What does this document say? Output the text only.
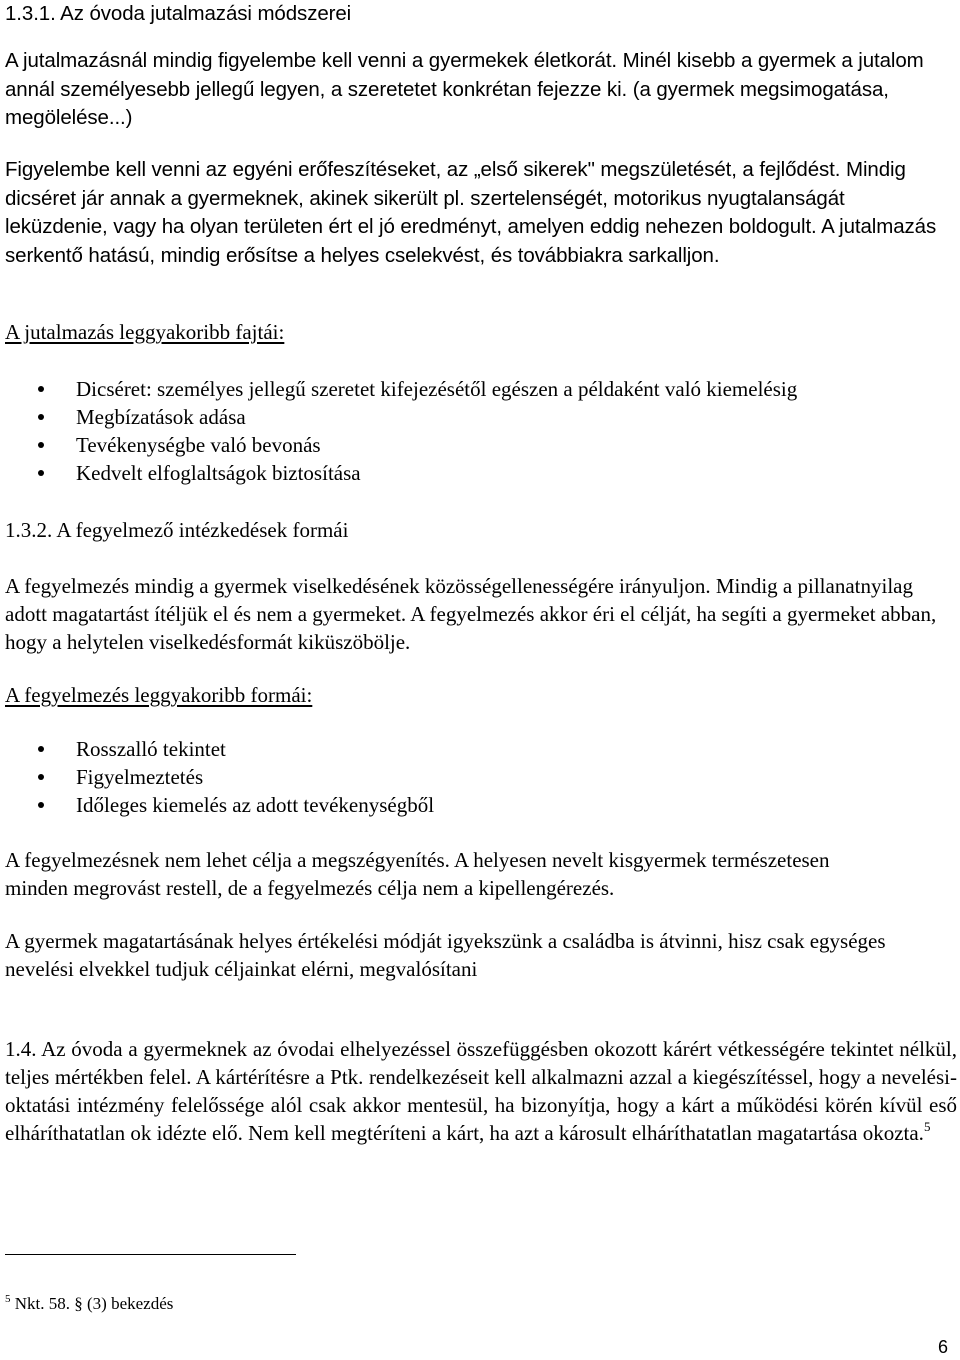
1.3.1. Az óvoda jutalmazási módszerei

A jutalmazásnál mindig figyelembe kell venni a gyermekek életkorát. Minél kisebb a gyermek a jutalom annál személyesebb jellegű legyen, a szeretetet konkrétan fejezze ki. (a gyermek megsimogatása, megölelése...)

Figyelembe kell venni az egyéni erőfeszítéseket, az „első sikerek" megszületését, a fejlődést. Mindig dicséret jár annak a gyermeknek, akinek sikerült pl. szertelenségét, motorikus nyugtalanságát leküzdenie, vagy ha olyan területen ért el jó eredményt, amelyen eddig nehezen boldogult. A jutalmazás serkentő hatású, mindig erősítse a helyes cselekvést, és továbbiakra sarkalljon.

A jutalmazás leggyakoribb fajtái:

Dicséret: személyes jellegű szeretet kifejezésétől egészen a példaként való kiemelésig
Megbízatások adása
Tevékenységbe való bevonás
Kedvelt elfoglaltságok biztosítása

1.3.2. A fegyelmező intézkedések formái

A fegyelmezés mindig a gyermek viselkedésének közösségellenességére irányuljon. Mindig a pillanatnyilag adott magatartást ítéljük el és nem a gyermeket. A fegyelmezés akkor éri el célját, ha segíti a gyermeket abban, hogy a helytelen viselkedésformát kiküszöbölje.

A fegyelmezés leggyakoribb formái:

Rosszalló tekintet
Figyelmeztetés
Időleges kiemelés az adott tevékenységből

A fegyelmezésnek nem lehet célja a megszégyenítés. A helyesen nevelt kisgyermek természetesen minden megrovást restell, de a fegyelmezés célja nem a kipellengérezés.

A gyermek magatartásának helyes értékelési módját igyekszünk a családba is átvinni, hisz csak egységes nevelési elvekkel tudjuk céljainkat elérni, megvalósítani

1.4. Az óvoda a gyermeknek az óvodai elhelyezéssel összefüggésben okozott kárért vétkességére tekintet nélkül, teljes mértékben felel. A kártérítésre a Ptk. rendelkezéseit kell alkalmazni azzal a kiegészítéssel, hogy a nevelési-oktatási intézmény felelőssége alól csak akkor mentesül, ha bizonyítja, hogy a kárt a működési körén kívül eső elháríthatatlan ok idézte elő. Nem kell megtéríteni a kárt, ha azt a károsult elháríthatatlan magatartása okozta.$^5$

$^5$ Nkt. 58. § (3) bekezdés

6
